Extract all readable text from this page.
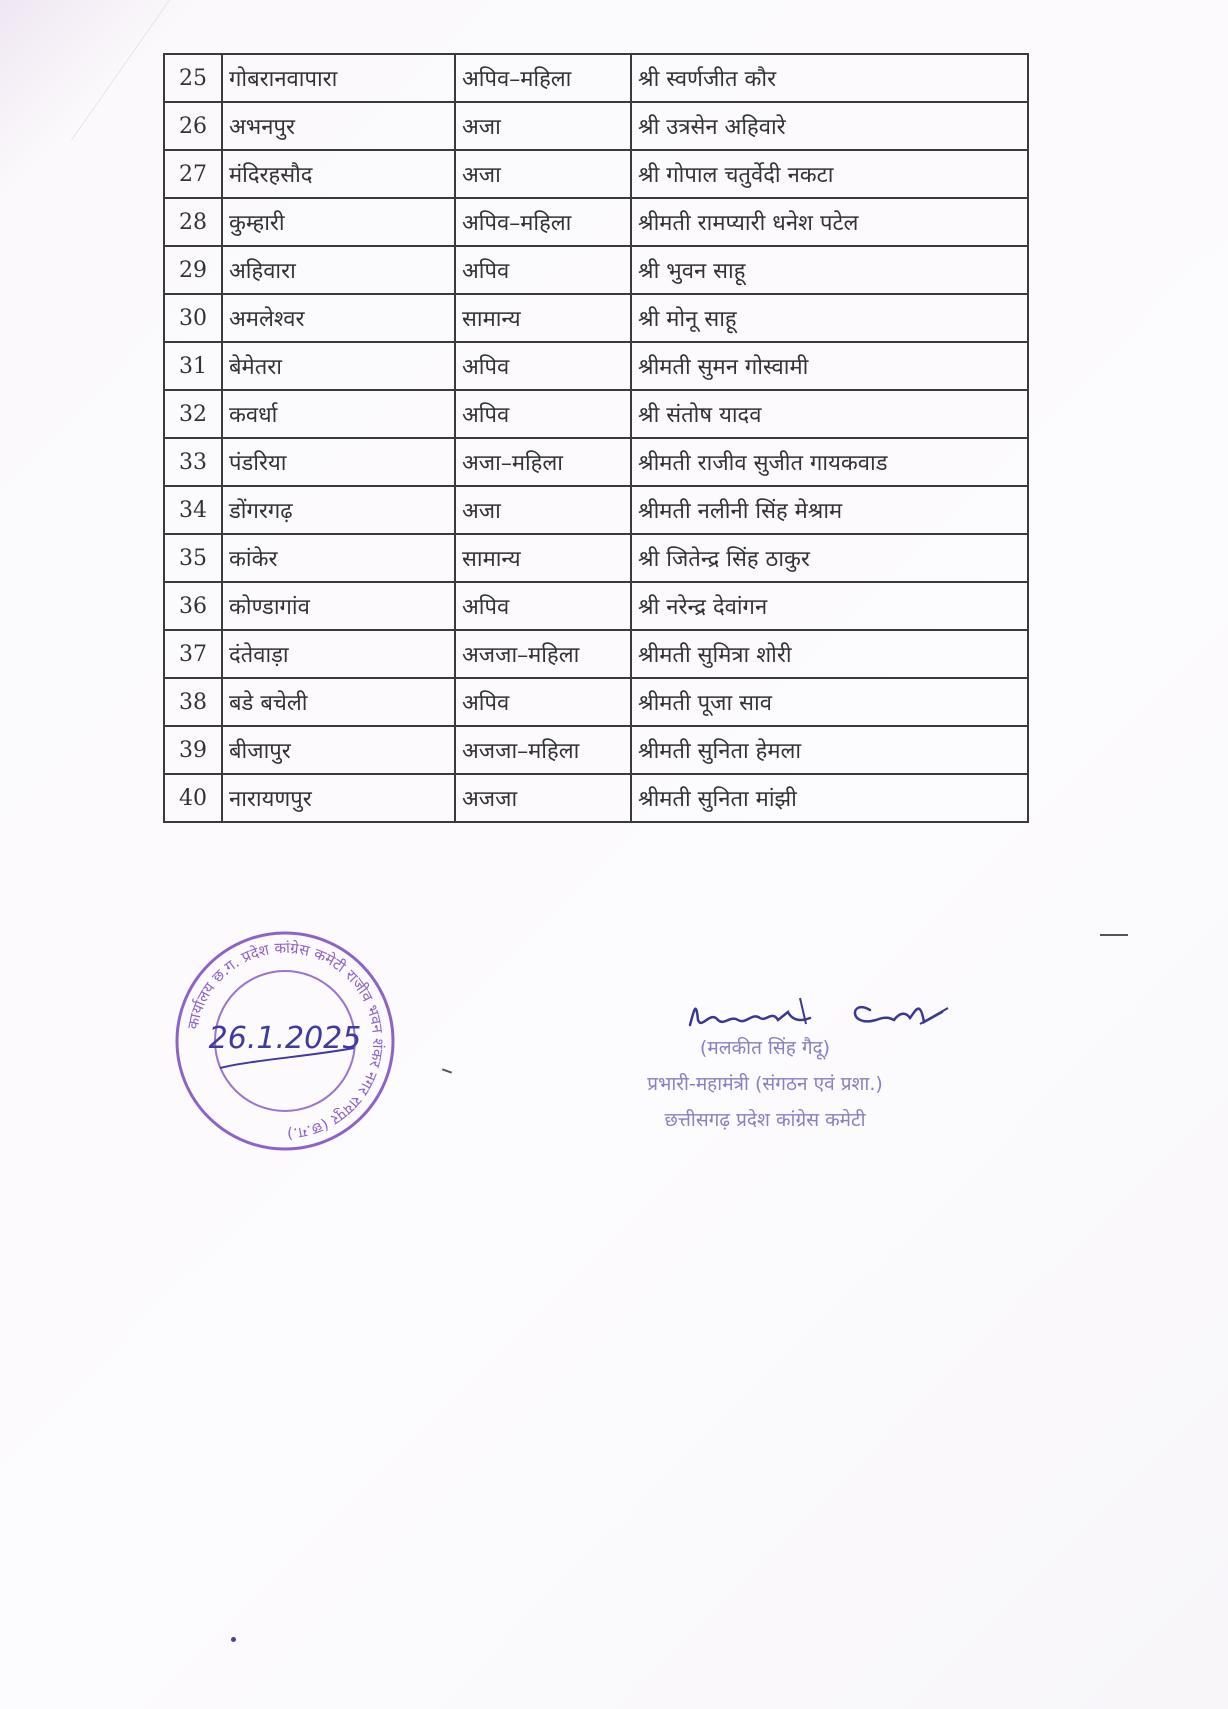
25	गोबरानवापारा	अपिव–महिला	श्री स्वर्णजीत कौर
26	अभनपुर	अजा	श्री उत्रसेन अहिवारे
27	मंदिरहसौद	अजा	श्री गोपाल चतुर्वेदी नकटा
28	कुम्हारी	अपिव–महिला	श्रीमती रामप्यारी धनेश पटेल
29	अहिवारा	अपिव	श्री भुवन साहू
30	अमलेश्वर	सामान्य	श्री मोनू साहू
31	बेमेतरा	अपिव	श्रीमती सुमन गोस्वामी
32	कवर्धा	अपिव	श्री संतोष यादव
33	पंडरिया	अजा–महिला	श्रीमती राजीव सुजीत गायकवाड
34	डोंगरगढ़	अजा	श्रीमती नलीनी सिंह मेश्राम
35	कांकेर	सामान्य	श्री जितेन्द्र सिंह ठाकुर
36	कोण्डागांव	अपिव	श्री नरेन्द्र देवांगन
37	दंतेवाड़ा	अजजा–महिला	श्रीमती सुमित्रा शोरी
38	बडे बचेली	अपिव	श्रीमती पूजा साव
39	बीजापुर	अजजा–महिला	श्रीमती सुनिता हेमला
40	नारायणपुर	अजजा	श्रीमती सुनिता मांझी
कार्यालय छ.ग. प्रदेश कांग्रेस कमेटी राजीव भवन शंकर नगर रायपुर (छ.ग.)
26.1.2025	(मलकीत सिंह गैदू)
प्रभारी-महामंत्री (संगठन एवं प्रशा.)
छत्तीसगढ़ प्रदेश कांग्रेस कमेटी
